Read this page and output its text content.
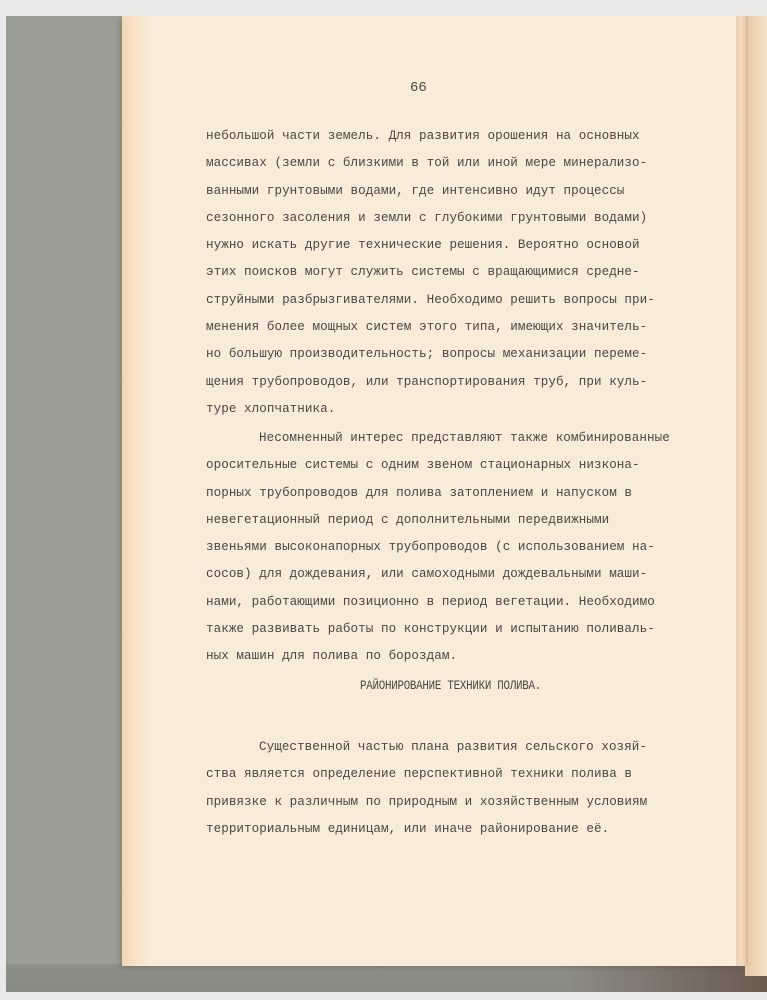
66
небольшой части земель. Для развития орошения на основных
массивах (земли с близкими в той или иной мере минерализо-
ванными грунтовыми водами, где интенсивно идут процессы
сезонного засоления и земли с глубокими грунтовыми водами)
нужно искать другие технические решения. Вероятно основой
этих поисков могут служить системы с вращающимися средне-
струйными разбрызгивателями. Необходимо решить вопросы при-
менения более мощных систем этого типа, имеющих значитель-
но большую производительность; вопросы механизации переме-
щения трубопроводов, или транспортирования труб, при куль-
туре хлопчатника.
Несомненный интерес представляют также комбинированные
оросительные системы с одним звеном стационарных низкона-
порных трубопроводов для полива затоплением и напуском в
невегетационный период с дополнительными передвижными
звеньями высоконапорных трубопроводов (с использованием на-
сосов) для дождевания, или самоходными дождевальными маши-
нами, работающими позиционно в период вегетации. Необходимо
также развивать работы по конструкции и испытанию поливаль-
ных машин для полива по бороздам.
РАЙОНИРОВАНИЕ ТЕХНИКИ ПОЛИВА.
Существенной частью плана развития сельского хозяй-
ства является определение перспективной техники полива в
привязке к различным по природным и хозяйственным условиям
территориальным единицам, или иначе районирование её.
